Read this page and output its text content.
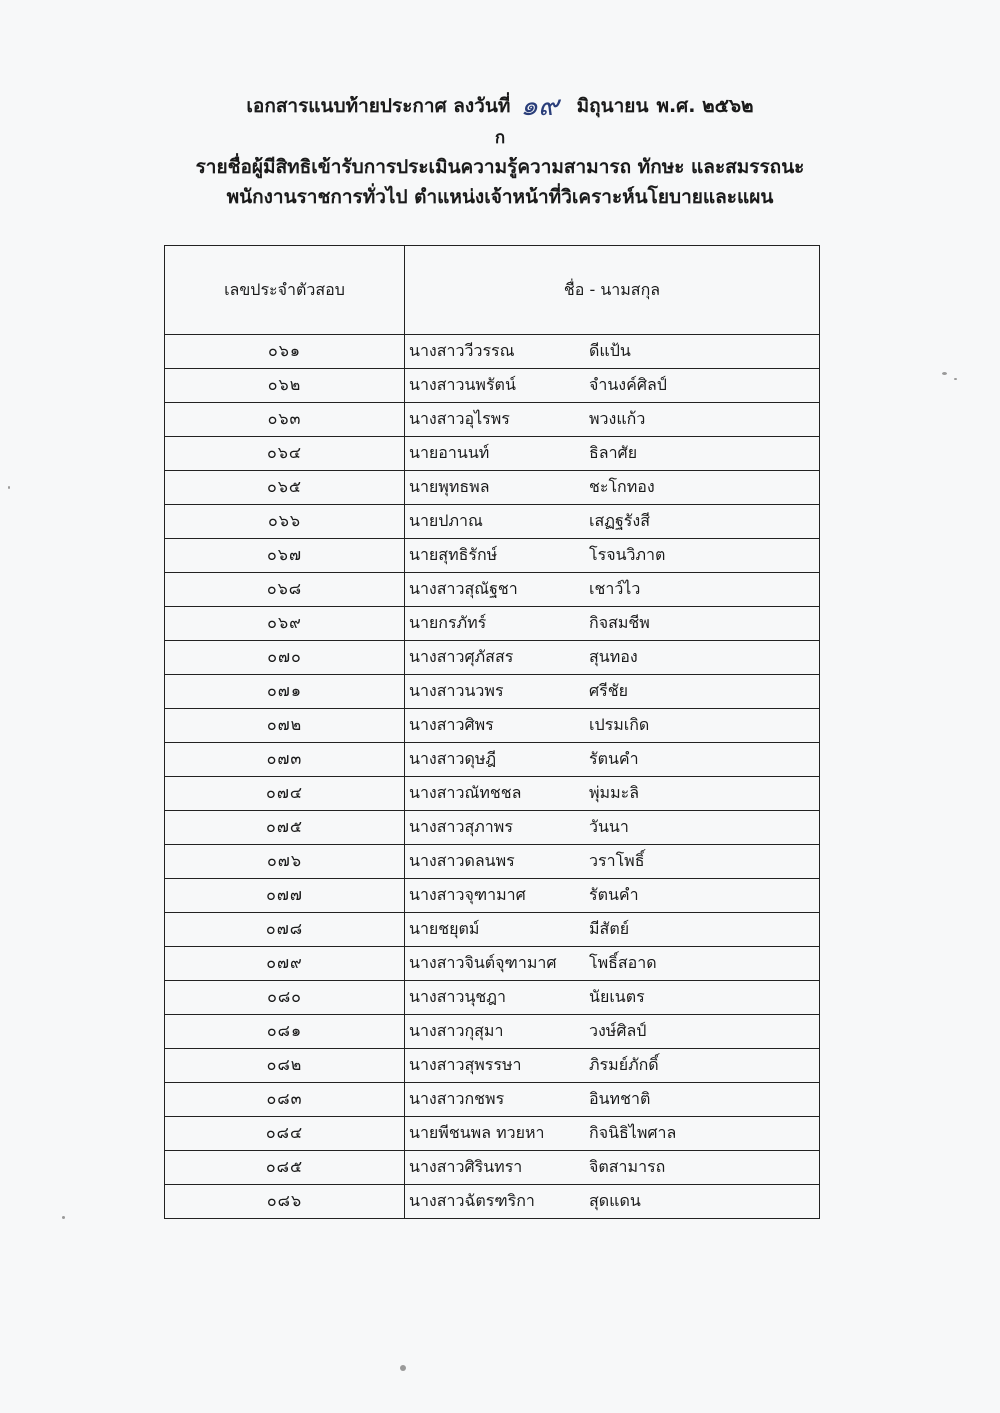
เอกสารแนบท้ายประกาศ ลงวันที่ ๑๙ มิถุนายน พ.ศ. ๒๕๖๒
ก
รายชื่อผู้มีสิทธิเข้ารับการประเมินความรู้ความสามารถ ทักษะ และสมรรถนะ
พนักงานราชการทั่วไป ตำแหน่งเจ้าหน้าที่วิเคราะห์นโยบายและแผน
เลขประจำตัวสอบ	ชื่อ - นามสกุล
๐๖๑	นางสาววีวรรณ ดีแป้น
๐๖๒	นางสาวนพรัตน์ จำนงค์ศิลป์
๐๖๓	นางสาวอุไรพร พวงแก้ว
๐๖๔	นายอานนท์ ธิลาศัย
๐๖๕	นายพุทธพล ชะโกทอง
๐๖๖	นายปภาณ เสฏฐรังสี
๐๖๗	นายสุทธิรักษ์ โรจนวิภาต
๐๖๘	นางสาวสุณัฐชา เชาว์ไว
๐๖๙	นายกรภัทร์ กิจสมชีพ
๐๗๐	นางสาวศุภัสสร สุนทอง
๐๗๑	นางสาวนวพร ศรีชัย
๐๗๒	นางสาวศิพร เปรมเกิด
๐๗๓	นางสาวดุษฎี รัตนคำ
๐๗๔	นางสาวณัทชชล พุ่มมะลิ
๐๗๕	นางสาวสุภาพร วันนา
๐๗๖	นางสาวดลนพร วราโพธิ์
๐๗๗	นางสาวจุฑามาศ รัตนคำ
๐๗๘	นายชยุตม์ มีสัตย์
๐๗๙	นางสาวจินต์จุฑามาศ โพธิ์สอาด
๐๘๐	นางสาวนุชฎา นัยเนตร
๐๘๑	นางสาวกุสุมา วงษ์ศิลป์
๐๘๒	นางสาวสุพรรษา ภิรมย์ภักดิ์
๐๘๓	นางสาวกชพร อินทชาติ
๐๘๔	นายพีชนพล ทวยหา กิจนิธิไพศาล
๐๘๕	นางสาวศิรินทรา จิตสามารถ
๐๘๖	นางสาวฉัตรฑริกา สุดแดน
